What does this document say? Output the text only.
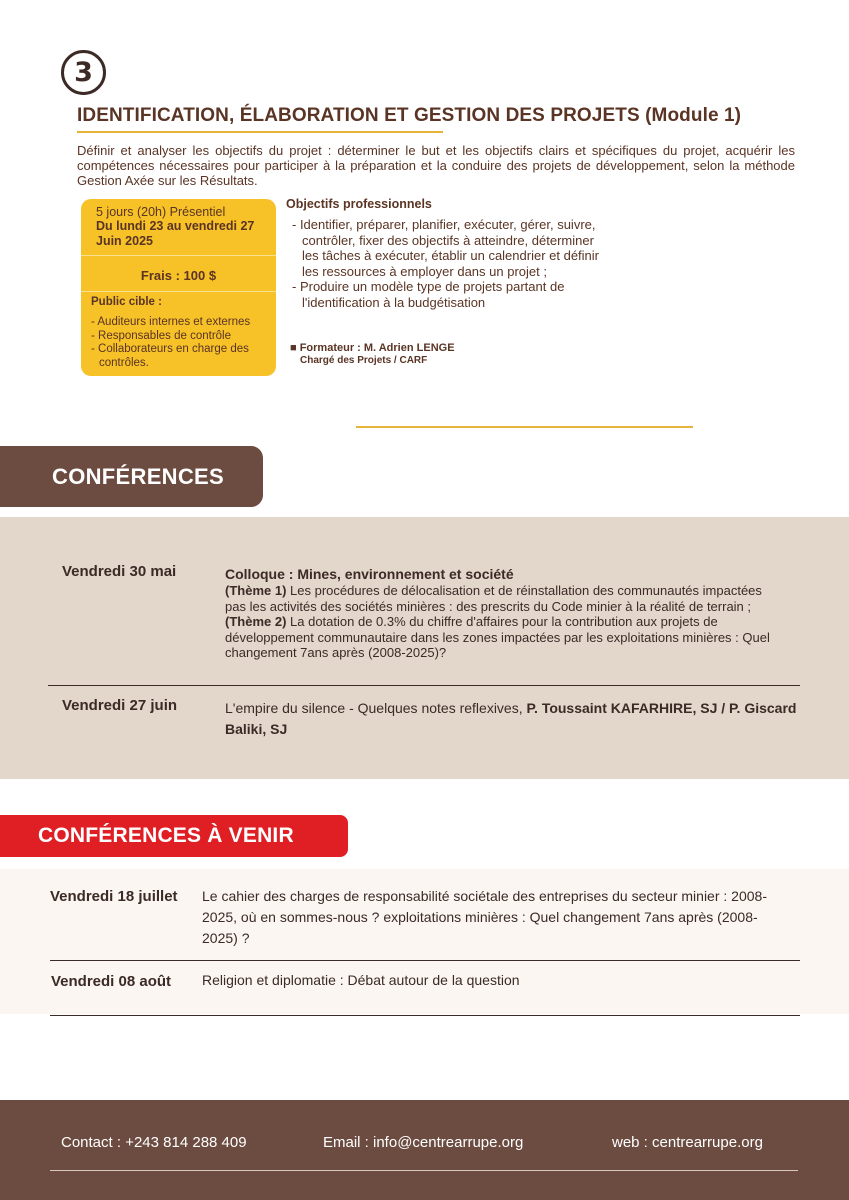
3
IDENTIFICATION, ÉLABORATION ET GESTION DES PROJETS (Module 1)
Définir et analyser les objectifs du projet : déterminer le but et les objectifs clairs et spécifiques du projet, acquérir les compétences nécessaires pour participer à la préparation et la conduire des projets de développement, selon la méthode Gestion Axée sur les Résultats.
5 jours (20h) Présentiel
Du lundi 23 au vendredi 27 Juin 2025
Frais : 100 $
Public cible :
- Auditeurs internes et externes
- Responsables de contrôle
- Collaborateurs en charge des contrôles.
Objectifs professionnels
- Identifier, préparer, planifier, exécuter, gérer, suivre, contrôler, fixer des objectifs à atteindre, déterminer les tâches à exécuter, établir un calendrier et définir les ressources à employer dans un projet ;
- Produire un modèle type de projets partant de l'identification à la budgétisation
■ Formateur : M. Adrien LENGE
Chargé des Projets / CARF
CONFÉRENCES
Vendredi 30 mai	Colloque : Mines, environnement et société
(Thème 1) Les procédures de délocalisation et de réinstallation des communautés impactées pas les activités des sociétés minières : des prescrits du Code minier à la réalité de terrain ;
(Thème 2) La dotation de 0.3% du chiffre d'affaires pour la contribution aux projets de développement communautaire dans les zones impactées par les exploitations minières : Quel changement 7ans après (2008-2025)?
Vendredi 27 juin	L'empire du silence - Quelques notes reflexives, P. Toussaint KAFARHIRE, SJ / P. Giscard Baliki, SJ
CONFÉRENCES À VENIR
Vendredi 18 juillet Le cahier des charges de responsabilité sociétale des entreprises du secteur minier : 2008-2025, où en sommes-nous ? exploitations minières : Quel changement 7ans après (2008-2025) ?
Vendredi 08 août Religion et diplomatie : Débat autour de la question
Contact : +243 814 288 409	Email : info@centrearrupe.org	web : centrearrupe.org
